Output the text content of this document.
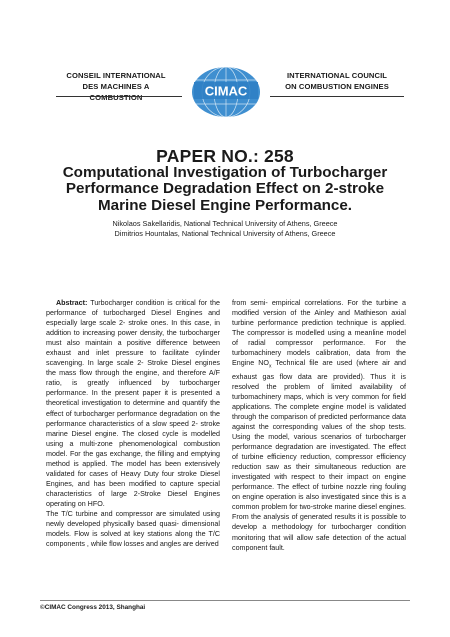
CONSEIL INTERNATIONAL
DES MACHINES A COMBUSTION	CIMAC
INTERNATIONAL COUNCIL
ON COMBUSTION ENGINES
PAPER NO.: 258
Computational Investigation of Turbocharger
Performance Degradation Effect on 2-stroke
Marine Diesel Engine Performance.
Nikolaos Sakellaridis, National Technical University of Athens, Greece
Dimitrios Hountalas, National Technical University of Athens, Greece

Abstract: Turbocharger condition is critical for the performance of turbocharged Diesel Engines and especially large scale 2- stroke ones. In this case, in addition to increasing power density, the turbocharger must also maintain a positive difference between exhaust and inlet pressure to facilitate cylinder scavenging. In large scale 2- Stroke Diesel engines the mass flow through the engine, and therefore A/F ratio, is greatly influenced by turbocharger performance. In the present paper it is presented a theoretical investigation to determine and quantify the effect of turbocharger performance degradation on the performance characteristics of a slow speed 2- stroke marine Diesel engine. The closed cycle is modelled using a multi-zone phenomenological combustion model. For the gas exchange, the filling and emptying method is applied. The model has been extensively validated for cases of Heavy Duty four stroke Diesel Engines, and has been modified to capture special characteristics of large 2-Stroke Diesel Engines operating on HFO.

The T/C turbine and compressor are simulated using newly developed physically based quasi- dimensional models. Flow is solved at key stations along the T/C components , while flow losses and angles are derived

from semi- empirical correlations. For the turbine a modified version of the Ainley and Mathieson axial turbine performance prediction technique is applied. The compressor is modelled using a meanline model of radial compressor performance. For the turbomachinery models calibration, data from the Engine $NO_x$ Technical file are used (where air and exhaust gas flow data are provided). Thus it is resolved the problem of limited availability of turbomachinery maps, which is very common for field applications. The complete engine model is validated through the comparison of predicted performance data against the corresponding values of the shop tests. Using the model, various scenarios of turbocharger performance degradation are investigated. The effect of turbine efficiency reduction, compressor efficiency reduction saw as their simultaneous reduction are investigated with respect to their impact on engine performance. The effect of turbine nozzle ring fouling on engine operation is also investigated since this is a common problem for two-stroke marine diesel engines. From the analysis of generated results it is possible to develop a methodology for turbocharger condition monitoring that will allow safe detection of the actual component fault.

©CIMAC Congress 2013, Shanghai
